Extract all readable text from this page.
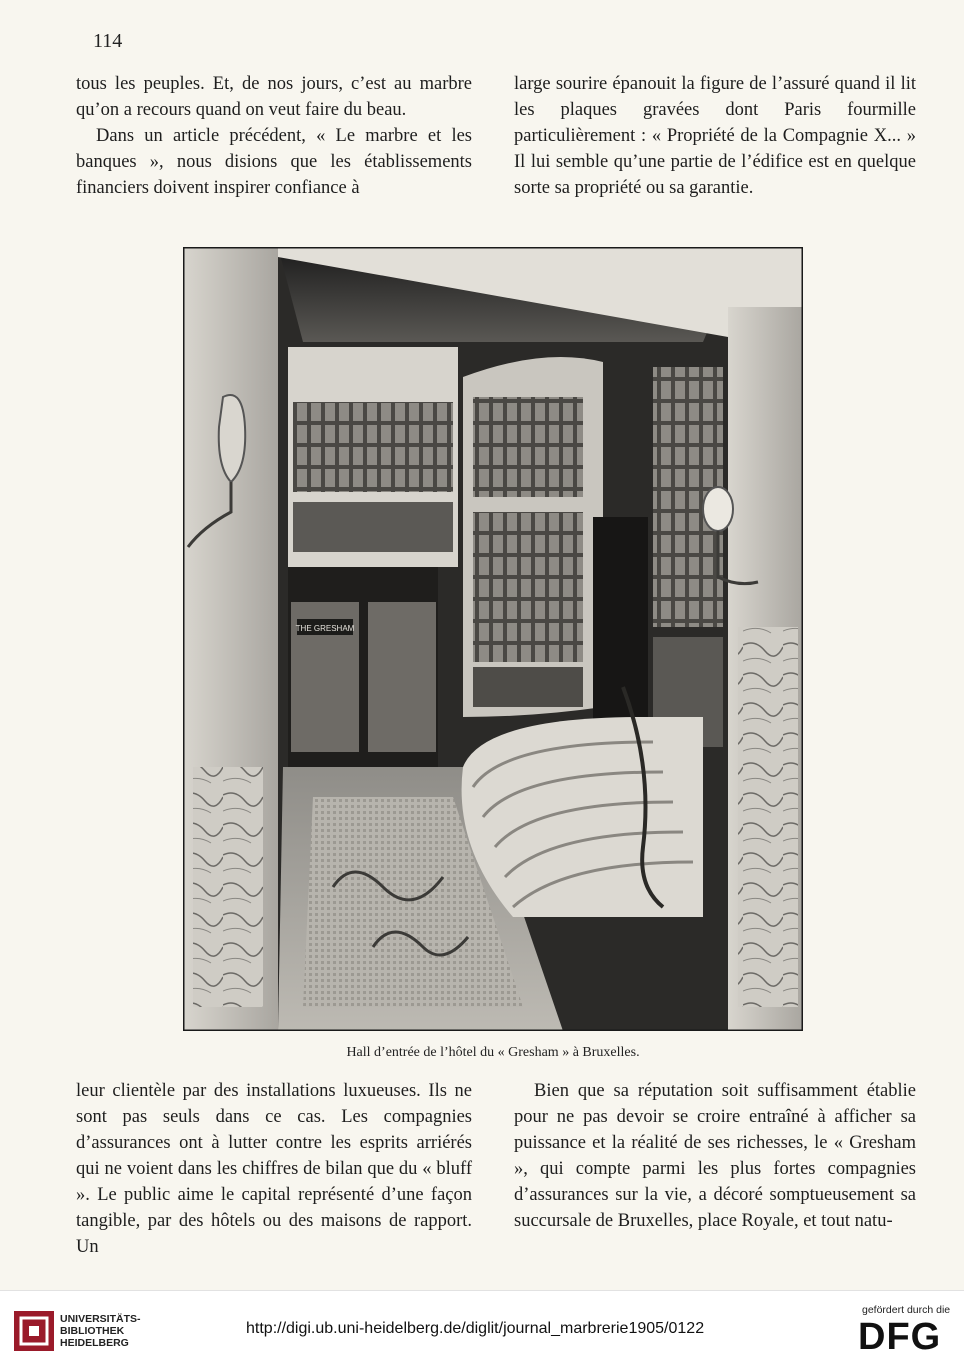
114

tous les peuples. Et, de nos jours, c’est au marbre qu’on a recours quand on veut faire du beau.

Dans un article précédent, « Le marbre et les banques », nous disions que les établissements financiers doivent inspirer confiance à

large sourire épanouit la figure de l’assuré quand il lit les plaques gravées dont Paris fourmille particulièrement : « Propriété de la Compagnie X... » Il lui semble qu’une partie de l’édifice est en quelque sorte sa propriété ou sa garantie.

THE GRESHAM
Hall d’entrée de l’hôtel du « Gresham » à Bruxelles.

leur clientèle par des installations luxueuses. Ils ne sont pas seuls dans ce cas. Les compagnies d’assurances ont à lutter contre les esprits arriérés qui ne voient dans les chiffres de bilan que du « bluff ». Le public aime le capital représenté d’une façon tangible, par des hôtels ou des maisons de rapport. Un

Bien que sa réputation soit suffisamment établie pour ne pas devoir se croire entraîné à afficher sa puissance et la réalité de ses richesses, le « Gresham », qui compte parmi les plus fortes compagnies d’assurances sur la vie, a décoré somptueusement sa succursale de Bruxelles, place Royale, et tout natu-

UNIVERSITÄTS-
BIBLIOTHEK
HEIDELBERG
http://digi.ub.uni-heidelberg.de/diglit/journal_marbrerie1905/0122
gefördert durch die
DFG
